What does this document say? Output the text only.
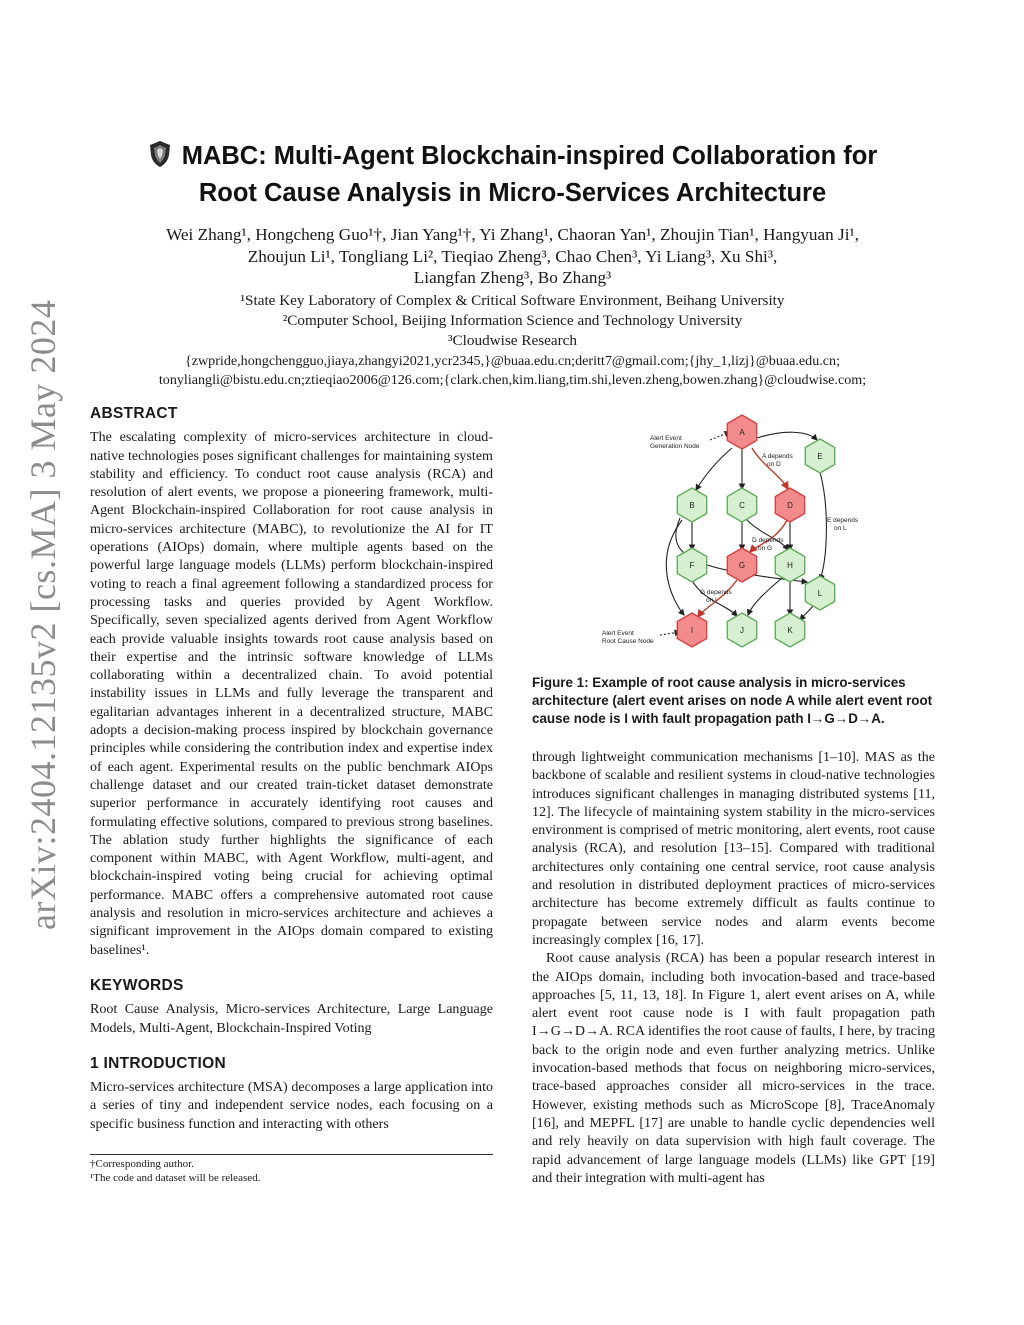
arXiv:2404.12135v2 [cs.MA] 3 May 2024
MABC: Multi-Agent Blockchain-inspired Collaboration for
Root Cause Analysis in Micro-Services Architecture
Wei Zhang¹, Hongcheng Guo¹†, Jian Yang¹†, Yi Zhang¹, Chaoran Yan¹, Zhoujin Tian¹, Hangyuan Ji¹,
Zhoujun Li¹, Tongliang Li², Tieqiao Zheng³, Chao Chen³, Yi Liang³, Xu Shi³,
Liangfan Zheng³, Bo Zhang³
¹State Key Laboratory of Complex & Critical Software Environment, Beihang University
²Computer School, Beijing Information Science and Technology University
³Cloudwise Research
{zwpride,hongchengguo,jiaya,zhangyi2021,ycr2345,}@buaa.edu.cn;deritt7@gmail.com;{jhy_1,lizj}@buaa.edu.cn;
tonyliangli@bistu.edu.cn;ztieqiao2006@126.com;{clark.chen,kim.liang,tim.shi,leven.zheng,bowen.zhang}@cloudwise.com;
ABSTRACT

The escalating complexity of micro-services architecture in cloud-native technologies poses significant challenges for maintaining system stability and efficiency. To conduct root cause analysis (RCA) and resolution of alert events, we propose a pioneering framework, multi-Agent Blockchain-inspired Collaboration for root cause analysis in micro-services architecture (MABC), to revolutionize the AI for IT operations (AIOps) domain, where multiple agents based on the powerful large language models (LLMs) perform blockchain-inspired voting to reach a final agreement following a standardized process for processing tasks and queries provided by Agent Workflow. Specifically, seven specialized agents derived from Agent Workflow each provide valuable insights towards root cause analysis based on their expertise and the intrinsic software knowledge of LLMs collaborating within a decentralized chain. To avoid potential instability issues in LLMs and fully leverage the transparent and egalitarian advantages inherent in a decentralized structure, MABC adopts a decision-making process inspired by blockchain governance principles while considering the contribution index and expertise index of each agent. Experimental results on the public benchmark AIOps challenge dataset and our created train-ticket dataset demonstrate superior performance in accurately identifying root causes and formulating effective solutions, compared to previous strong baselines. The ablation study further highlights the significance of each component within MABC, with Agent Workflow, multi-agent, and blockchain-inspired voting being crucial for achieving optimal performance. MABC offers a comprehensive automated root cause analysis and resolution in micro-services architecture and achieves a significant improvement in the AIOps domain compared to existing baselines¹.

KEYWORDS

Root Cause Analysis, Micro-services Architecture, Large Language Models, Multi-Agent, Blockchain-Inspired Voting

1 INTRODUCTION

Micro-services architecture (MSA) decomposes a large application into a series of tiny and independent service nodes, each focusing on a specific business function and interacting with others

A
E
B	C	D
F	G	H
L
I	J	K
Alert Event
Generation Node
Alert Event
Root Cause Node
A depends
on D
D depends
on G
G depends
on I
E depends
on L
Figure 1: Example of root cause analysis in micro-services architecture (alert event arises on node A while alert event root cause node is I with fault propagation path I→G→D→A.

through lightweight communication mechanisms [1–10]. MAS as the backbone of scalable and resilient systems in cloud-native technologies introduces significant challenges in managing distributed systems [11, 12]. The lifecycle of maintaining system stability in the micro-services environment is comprised of metric monitoring, alert events, root cause analysis (RCA), and resolution [13–15]. Compared with traditional architectures only containing one central service, root cause analysis and resolution in distributed deployment practices of micro-services architecture has become extremely difficult as faults continue to propagate between service nodes and alarm events become increasingly complex [16, 17].

Root cause analysis (RCA) has been a popular research interest in the AIOps domain, including both invocation-based and trace-based approaches [5, 11, 13, 18]. In Figure 1, alert event arises on A, while alert event root cause node is I with fault propagation path I→G→D→A. RCA identifies the root cause of faults, I here, by tracing back to the origin node and even further analyzing metrics. Unlike invocation-based methods that focus on neighboring micro-services, trace-based approaches consider all micro-services in the trace. However, existing methods such as MicroScope [8], TraceAnomaly [16], and MEPFL [17] are unable to handle cyclic dependencies well and rely heavily on data supervision with high fault coverage. The rapid advancement of large language models (LLMs) like GPT [19] and their integration with multi-agent has

†Corresponding author.
¹The code and dataset will be released.
